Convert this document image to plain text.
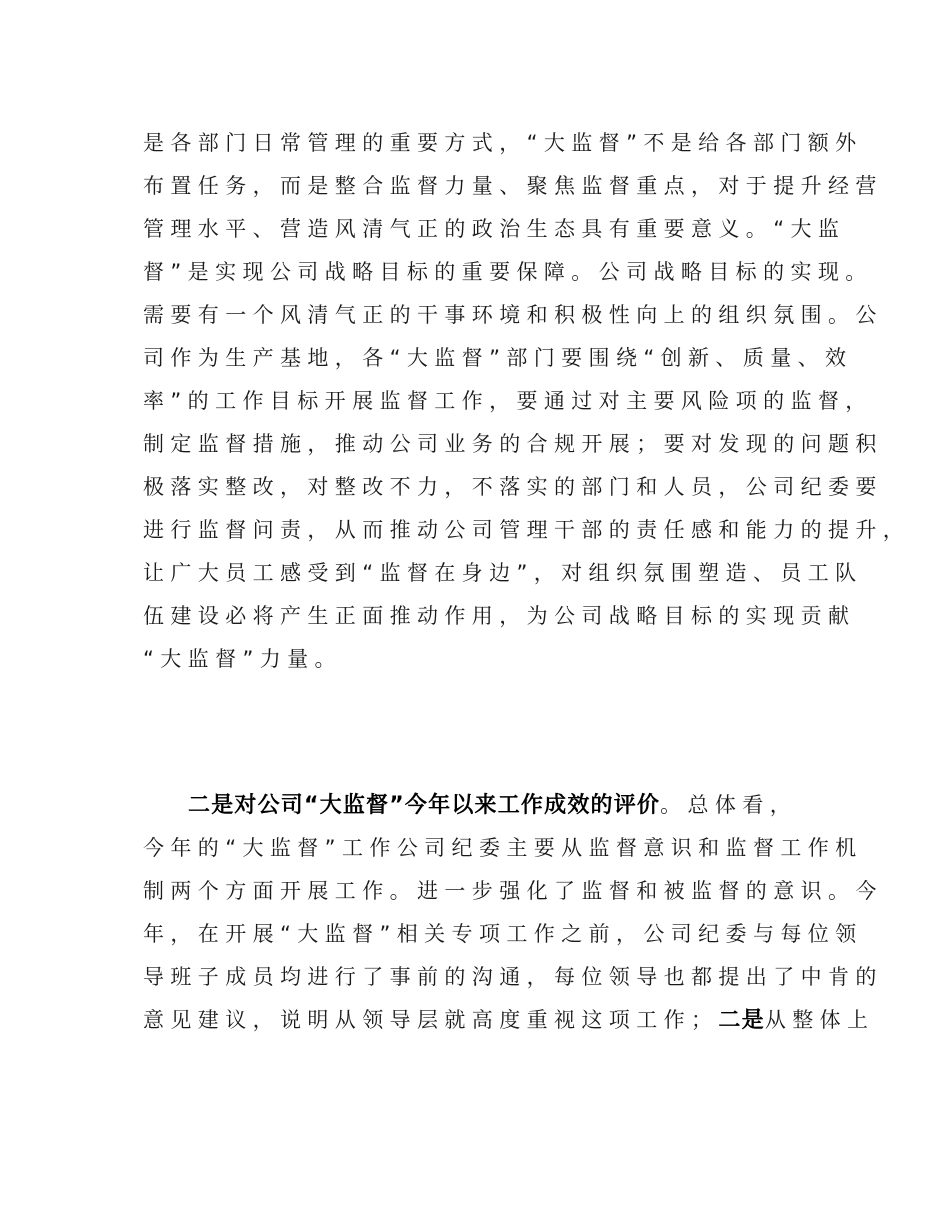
是各部门日常管理的重要方式，“大监督”不是给各部门额外
布置任务，而是整合监督力量、聚焦监督重点，对于提升经营
管理水平、营造风清气正的政治生态具有重要意义。“大监
督”是实现公司战略目标的重要保障。公司战略目标的实现。
需要有一个风清气正的干事环境和积极性向上的组织氛围。公
司作为生产基地，各“大监督”部门要围绕“创新、质量、效
率”的工作目标开展监督工作，要通过对主要风险项的监督，
制定监督措施，推动公司业务的合规开展；要对发现的问题积
极落实整改，对整改不力，不落实的部门和人员，公司纪委要
进行监督问责，从而推动公司管理干部的责任感和能力的提升，
让广大员工感受到“监督在身边”，对组织氛围塑造、员工队
伍建设必将产生正面推动作用，为公司战略目标的实现贡献
“大监督”力量。
二是对公司“大监督”今年以来工作成效的评价。总体看，
今年的“大监督”工作公司纪委主要从监督意识和监督工作机
制两个方面开展工作。进一步强化了监督和被监督的意识。今
年，在开展“大监督”相关专项工作之前，公司纪委与每位领
导班子成员均进行了事前的沟通，每位领导也都提出了中肯的
意见建议，说明从领导层就高度重视这项工作；二是从整体上
